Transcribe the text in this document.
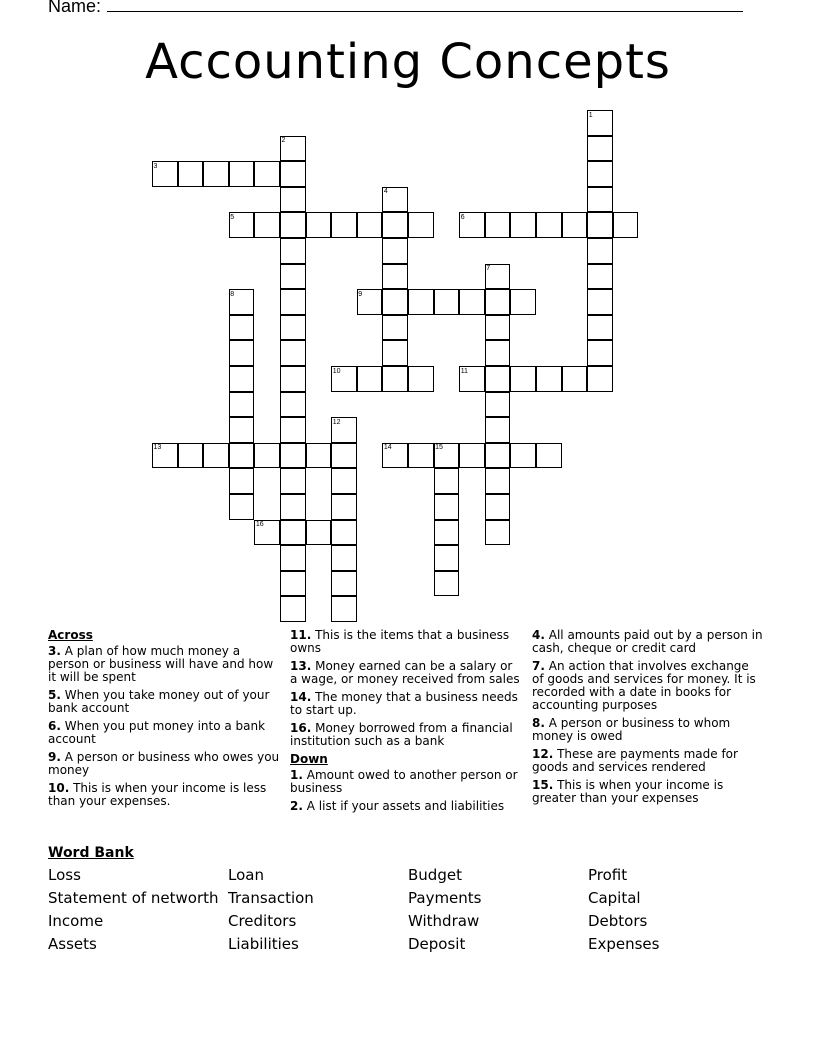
Name:
Accounting Concepts
1
2
3
4
5	6
7
8	9
10	11
12
13	14	15
16
Across
3. A plan of how much money a person or business will have and how it will be spent
5. When you take money out of your bank account
6. When you put money into a bank account
9. A person or business who owes you money
10. This is when your income is less than your expenses.
11. This is the items that a business owns
13. Money earned can be a salary or a wage, or money received from sales
14. The money that a business needs to start up.
16. Money borrowed from a financial institution such as a bank
Down
1. Amount owed to another person or business
2. A list if your assets and liabilities
4. All amounts paid out by a person in cash, cheque or credit card
7. An action that involves exchange of goods and services for money. It is recorded with a date in books for accounting purposes
8. A person or business to whom money is owed
12. These are payments made for goods and services rendered
15. This is when your income is greater than your expenses
Word Bank
Loss	Loan	Budget	Profit
Statement of networth Transaction	Payments	Capital
Income	Creditors	Withdraw	Debtors
Assets	Liabilities	Deposit	Expenses
